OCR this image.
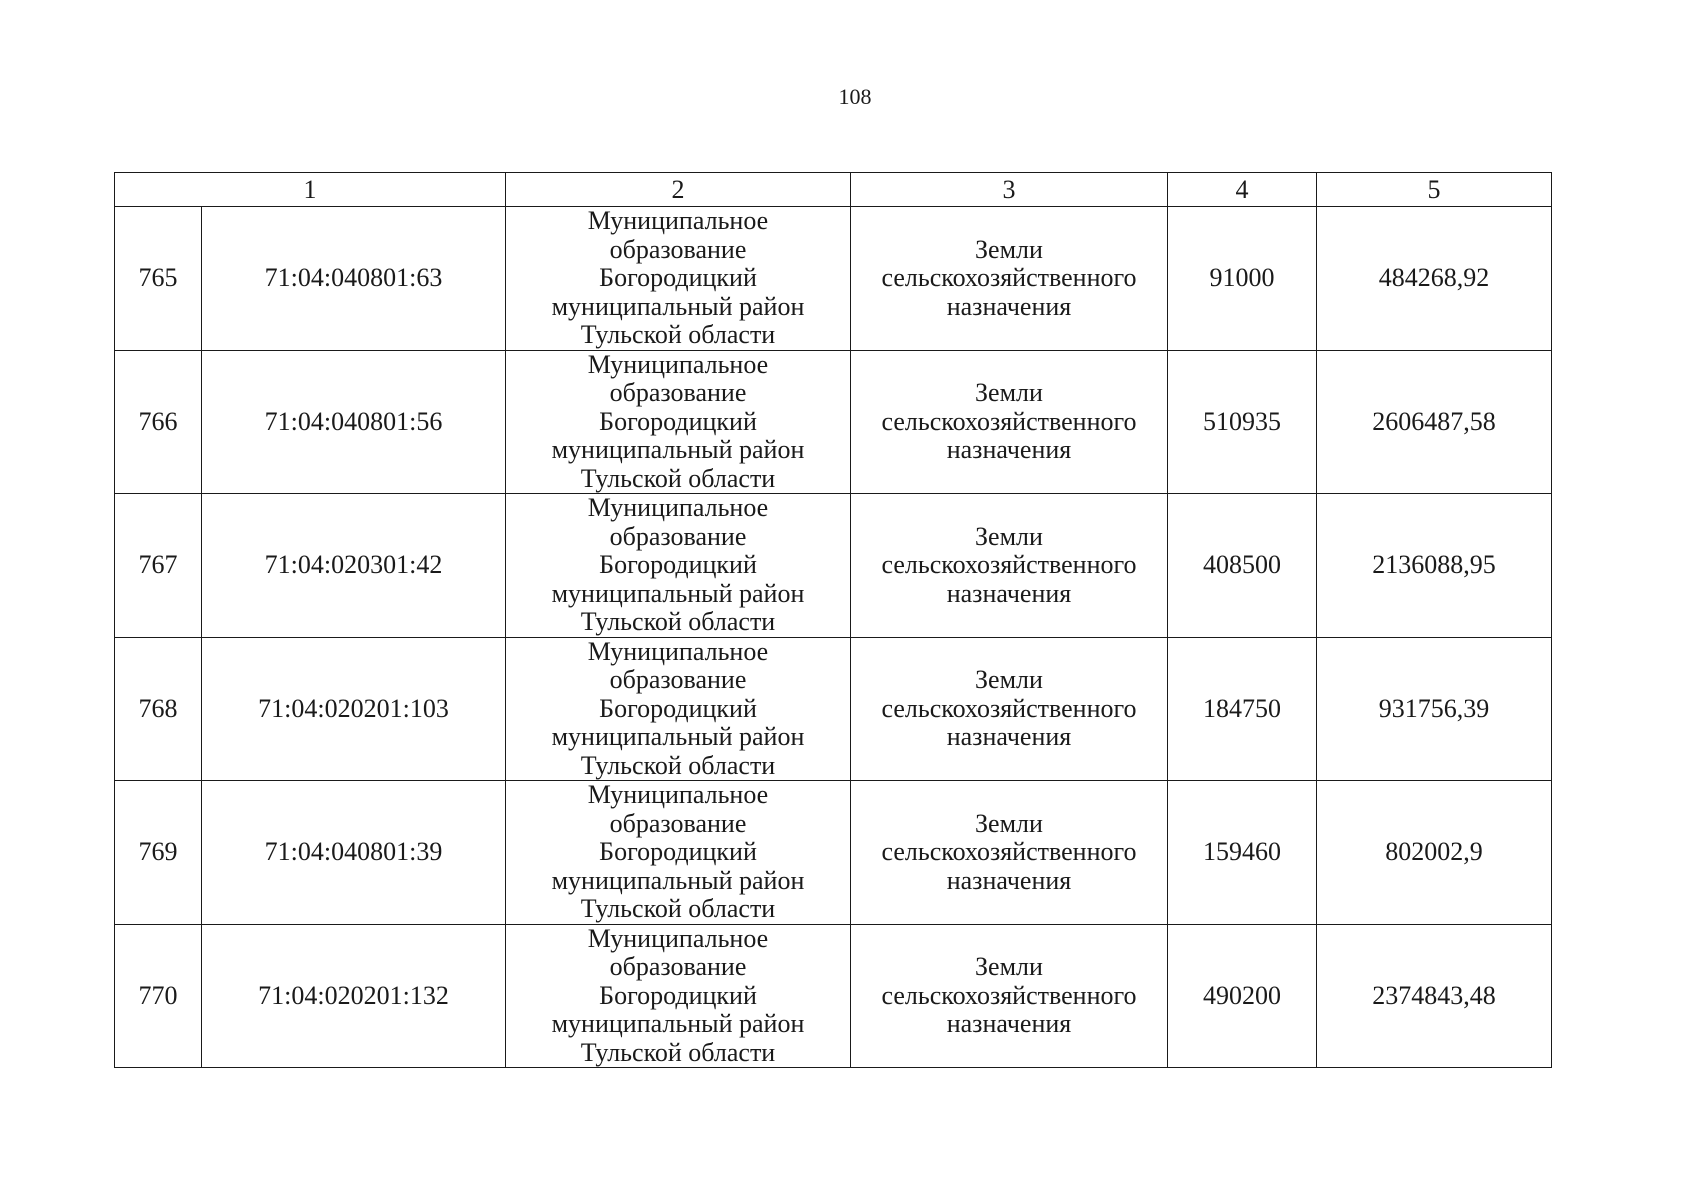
108
1		2	3	4	5
765	71:04:040801:63	Муниципальное
образование
Богородицкий
муниципальный район
Тульской области	Земли
сельскохозяйственного
назначения	91000	484268,92
766	71:04:040801:56	Муниципальное
образование
Богородицкий
муниципальный район
Тульской области	Земли
сельскохозяйственного
назначения	510935	2606487,58
767	71:04:020301:42	Муниципальное
образование
Богородицкий
муниципальный район
Тульской области	Земли
сельскохозяйственного
назначения	408500	2136088,95
768	71:04:020201:103	Муниципальное
образование
Богородицкий
муниципальный район
Тульской области	Земли
сельскохозяйственного
назначения	184750	931756,39
769	71:04:040801:39	Муниципальное
образование
Богородицкий
муниципальный район
Тульской области	Земли
сельскохозяйственного
назначения	159460	802002,9
770	71:04:020201:132	Муниципальное
образование
Богородицкий
муниципальный район
Тульской области	Земли
сельскохозяйственного
назначения	490200	2374843,48
